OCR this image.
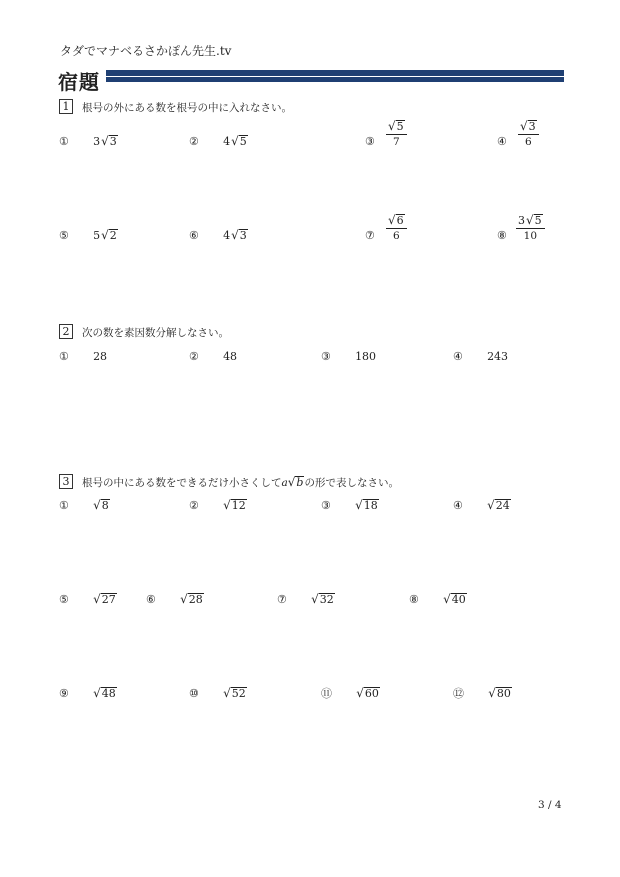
タダでマナベるさかぽん先生.tv
宿題
1	根号の外にある数を根号の中に入れなさい。
① 3 √ 3	② 4 √ 5	③ $\frac{√ 5}{7}$	④ $\frac{√ 3}{6}$
⑤ 5 √ 2	⑥ 4 √ 3	⑦ $\frac{√ 6}{6}$	⑧ $\frac{3 √ 5}{10}$
2	次の数を素因数分解しなさい。
① 28	② 48	③ 180	④ 243
3	根号の中にある数をできるだけ小さくしてa √ b の形で表しなさい。
① √ 8	② √ 12	③ √ 18	④ √ 24
⑤ √ 27	⑥ √ 28	⑦ √ 32	⑧ √ 40
⑨ √ 48	⑩ √ 52	⑪ √ 60	⑫ √ 80
3 / 4
